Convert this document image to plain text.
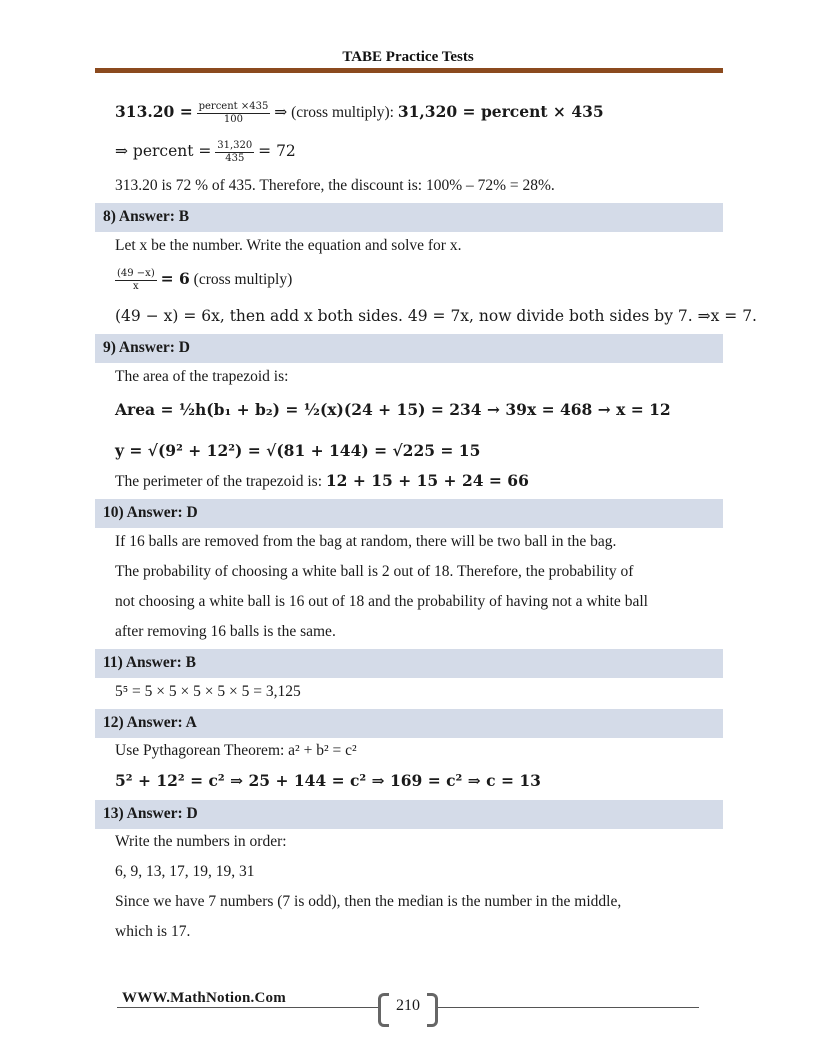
TABE Practice Tests
$313.20 = \frac{\text{percent ×435}}{100}$ ⇒ (cross multiply): 31,320 = percent × 435
⇒ percent = $\frac{31,320}{435} = 72$
313.20 is 72 % of 435. Therefore, the discount is: 100% – 72% = 28%.
8) Answer: B
Let x be the number. Write the equation and solve for x.
$\frac{(49 -x)}{x} = 6$ (cross multiply)
(49 − x) = 6x, then add x both sides. 49 = 7x, now divide both sides by 7. ⇒x = 7.
9) Answer: D
The area of the trapezoid is:
Area = ½h(b₁ + b₂) = ½(x)(24 + 15) = 234 → 39x = 468 → x = 12
y = √(9² + 12²) = √(81 + 144) = √225 = 15
The perimeter of the trapezoid is: 12 + 15 + 15 + 24 = 66
10) Answer: D
If 16 balls are removed from the bag at random, there will be two ball in the bag.
The probability of choosing a white ball is 2 out of 18. Therefore, the probability of
not choosing a white ball is 16 out of 18 and the probability of having not a white ball
after removing 16 balls is the same.
11) Answer: B
5⁵ = 5 × 5 × 5 × 5 × 5 = 3,125
12) Answer: A
Use Pythagorean Theorem: a² + b² = c²
5² + 12² = c² ⇒ 25 + 144 = c² ⇒ 169 = c² ⇒ c = 13
13) Answer: D
Write the numbers in order:
6, 9, 13, 17, 19, 19, 31
Since we have 7 numbers (7 is odd), then the median is the number in the middle,
which is 17.
WWW.MathNotion.Com	210
